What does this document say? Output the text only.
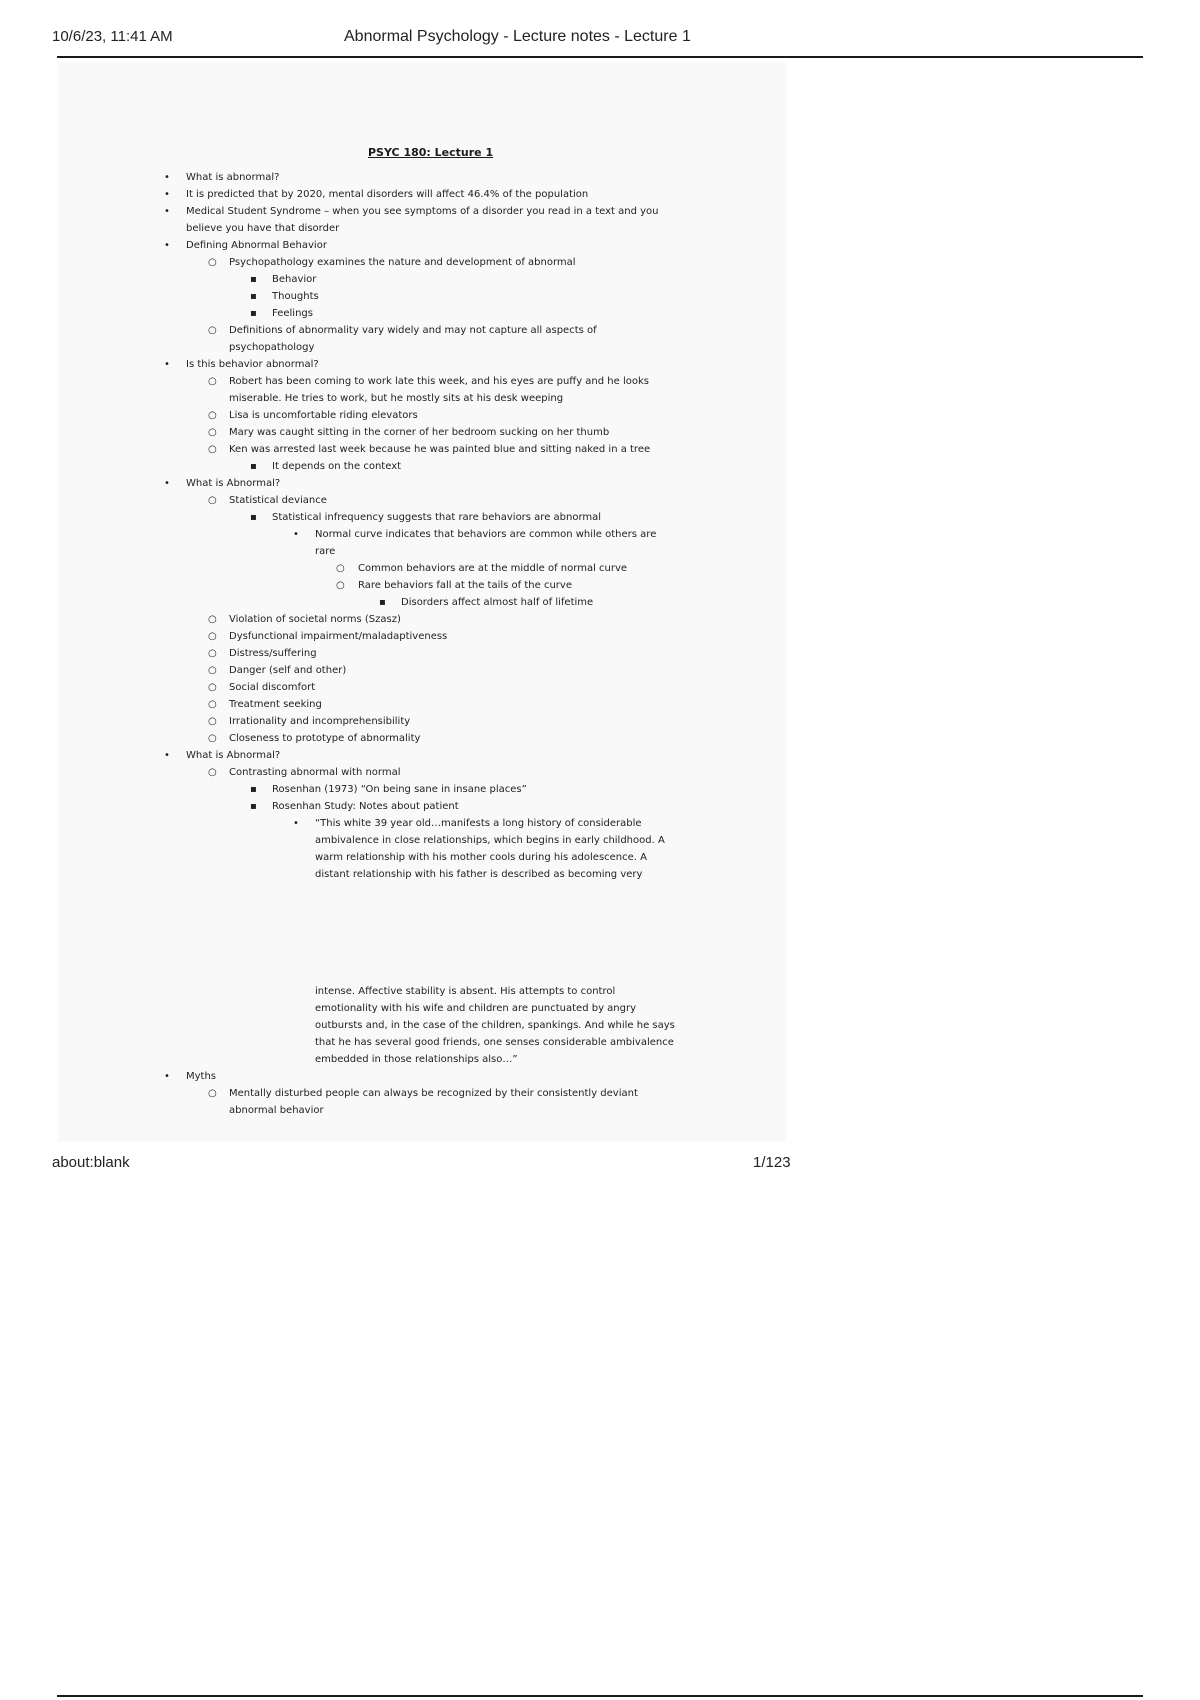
10/6/23, 11:41 AM	Abnormal Psychology - Lecture notes - Lecture 1
PSYC 180: Lecture 1
• What is abnormal?
• It is predicted that by 2020, mental disorders will affect 46.4% of the population
• Medical Student Syndrome – when you see symptoms of a disorder you read in a text and you
believe you have that disorder
• Defining Abnormal Behavior
○ Psychopathology examines the nature and development of abnormal
▪ Behavior
▪ Thoughts
▪ Feelings
○ Definitions of abnormality vary widely and may not capture all aspects of
psychopathology
• Is this behavior abnormal?
○ Robert has been coming to work late this week, and his eyes are puffy and he looks
miserable. He tries to work, but he mostly sits at his desk weeping
○ Lisa is uncomfortable riding elevators
○ Mary was caught sitting in the corner of her bedroom sucking on her thumb
○ Ken was arrested last week because he was painted blue and sitting naked in a tree
▪ It depends on the context
• What is Abnormal?
○ Statistical deviance
▪ Statistical infrequency suggests that rare behaviors are abnormal
• Normal curve indicates that behaviors are common while others are
rare
○ Common behaviors are at the middle of normal curve
○ Rare behaviors fall at the tails of the curve
▪ Disorders affect almost half of lifetime
○ Violation of societal norms (Szasz)
○ Dysfunctional impairment/maladaptiveness
○ Distress/suffering
○ Danger (self and other)
○ Social discomfort
○ Treatment seeking
○ Irrationality and incomprehensibility
○ Closeness to prototype of abnormality
• What is Abnormal?
○ Contrasting abnormal with normal
▪ Rosenhan (1973) “On being sane in insane places”
▪ Rosenhan Study: Notes about patient
• “This white 39 year old…manifests a long history of considerable
ambivalence in close relationships, which begins in early childhood. A
warm relationship with his mother cools during his adolescence. A
distant relationship with his father is described as becoming very
intense. Affective stability is absent. His attempts to control
emotionality with his wife and children are punctuated by angry
outbursts and, in the case of the children, spankings. And while he says
that he has several good friends, one senses considerable ambivalence
embedded in those relationships also…”
• Myths
○ Mentally disturbed people can always be recognized by their consistently deviant
abnormal behavior
about:blank	1/123
